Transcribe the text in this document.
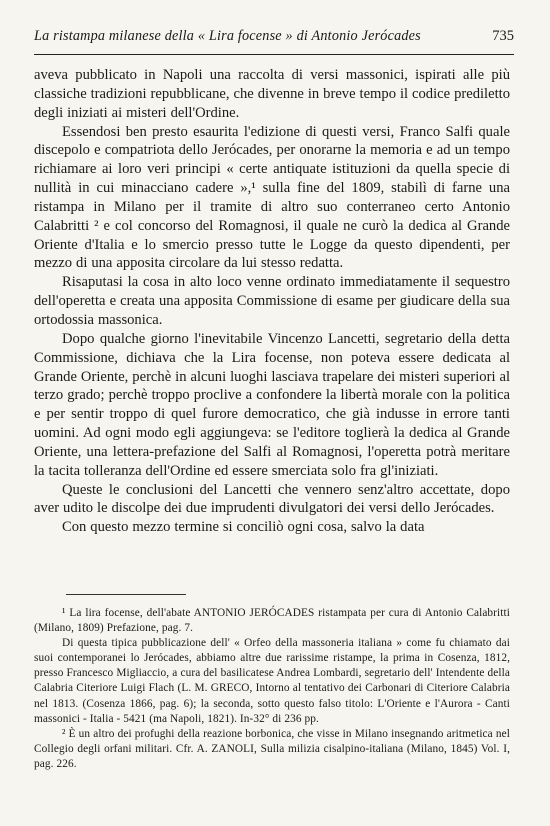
La ristampa milanese della « Lira focense » di Antonio Jerócades	735

aveva pubblicato in Napoli una raccolta di versi massonici, ispirati alle più classiche tradizioni repubblicane, che divenne in breve tempo il codice prediletto degli iniziati ai misteri dell'Ordine.

Essendosi ben presto esaurita l'edizione di questi versi, Franco Salfi quale discepolo e compatriota dello Jerócades, per onorarne la memoria e ad un tempo richiamare ai loro veri principi « certe antiquate istituzioni da quella specie di nullità in cui minacciano cadere »,¹ sulla fine del 1809, stabilì di farne una ristampa in Milano per il tramite di altro suo conterraneo certo Antonio Calabritti ² e col concorso del Romagnosi, il quale ne curò la dedica al Grande Oriente d'Italia e lo smercio presso tutte le Logge da questo dipendenti, per mezzo di una apposita circolare da lui stesso redatta.

Risaputasi la cosa in alto loco venne ordinato immediatamente il sequestro dell'operetta e creata una apposita Commissione di esame per giudicare della sua ortodossia massonica.

Dopo qualche giorno l'inevitabile Vincenzo Lancetti, segretario della detta Commissione, dichiava che la Lira focense, non poteva essere dedicata al Grande Oriente, perchè in alcuni luoghi lasciava trapelare dei misteri superiori al terzo grado; perchè troppo proclive a confondere la libertà morale con la politica e per sentir troppo di quel furore democratico, che già indusse in errore tanti uomini. Ad ogni modo egli aggiungeva: se l'editore toglierà la dedica al Grande Oriente, una lettera-prefazione del Salfi al Romagnosi, l'operetta potrà meritare la tacita tolleranza dell'Ordine ed essere smerciata solo fra gl'iniziati.

Queste le conclusioni del Lancetti che vennero senz'altro accettate, dopo aver udito le discolpe dei due imprudenti divulgatori dei versi dello Jerócades.

Con questo mezzo termine si conciliò ogni cosa, salvo la data

¹ La lira focense, dell'abate ANTONIO JERÓCADES ristampata per cura di Antonio Calabritti (Milano, 1809) Prefazione, pag. 7.

Di questa tipica pubblicazione dell' « Orfeo della massoneria italiana » come fu chiamato dai suoi contemporanei lo Jerócades, abbiamo altre due rarissime ristampe, la prima in Cosenza, 1812, presso Francesco Migliaccio, a cura del basilicatese Andrea Lombardi, segretario dell' Intendente della Calabria Citeriore Luigi Flach (L. M. GRECO, Intorno al tentativo dei Carbonari di Citeriore Calabria nel 1813. (Cosenza 1866, pag. 6); la seconda, sotto questo falso titolo: L'Oriente e l'Aurora - Canti massonici - Italia - 5421 (ma Napoli, 1821). In-32° di 236 pp.

² È un altro dei profughi della reazione borbonica, che visse in Milano insegnando aritmetica nel Collegio degli orfani militari. Cfr. A. ZANOLI, Sulla milizia cisalpino-italiana (Milano, 1845) Vol. I, pag. 226.
